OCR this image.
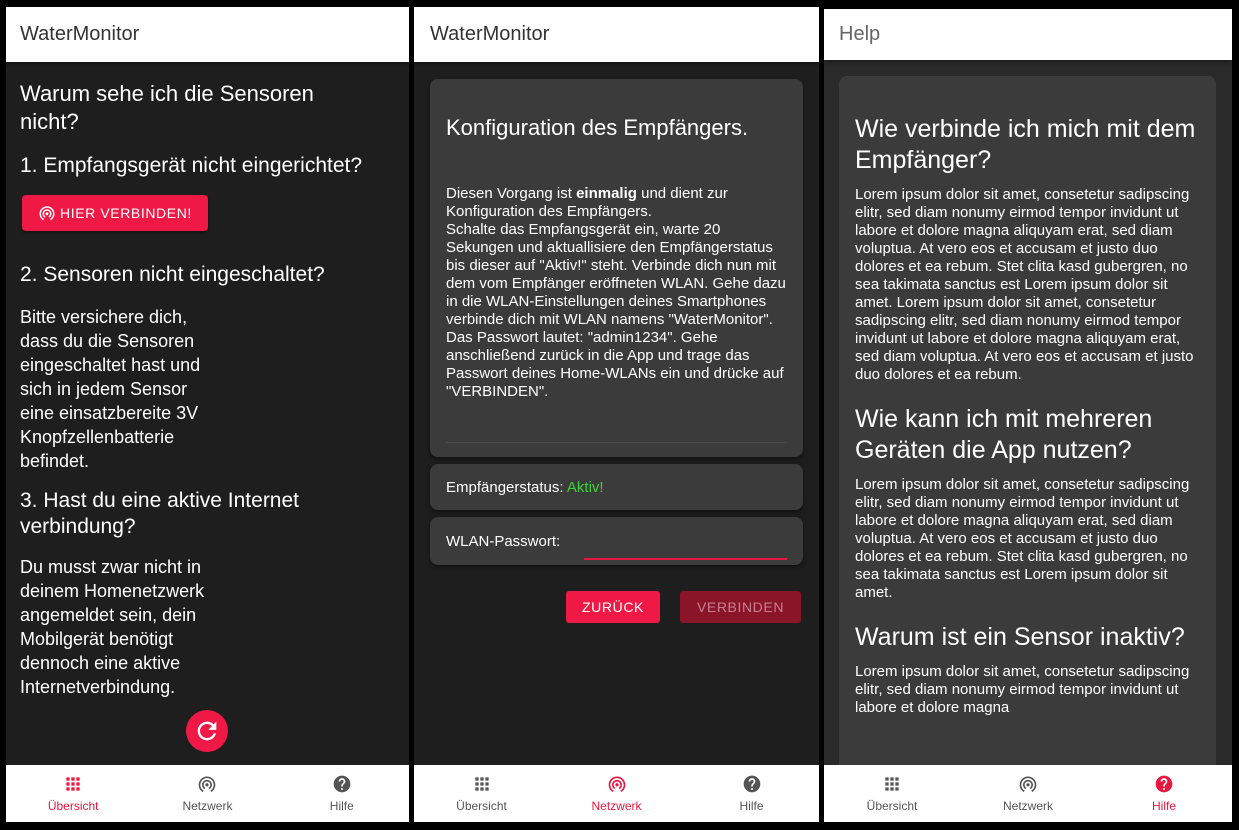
WaterMonitor
Warum sehe ich die Sensoren nicht?
1. Empfangsgerät nicht eingerichtet?
HIER VERBINDEN!
2. Sensoren nicht eingeschaltet?

Bitte versichere dich,

dass du die Sensoren

eingeschaltet hast und

sich in jedem Sensor

eine einsatzbereite 3V

Knopfzellenbatterie

befindet.

3. Hast du eine aktive Internet verbindung?

Du musst zwar nicht in

deinem Homenetzwerk

angemeldet sein, dein

Mobilgerät benötigt

dennoch eine aktive

Internetverbindung.

Übersicht	Netzwerk	Hilfe
WaterMonitor
Konfiguration des Empfängers.
Diesen Vorgang ist einmalig und dient zur Konfiguration des Empfängers.
Schalte das Empfangsgerät ein, warte 20 Sekungen und aktuallisiere den Empfängerstatus bis dieser auf "Aktiv!" steht. Verbinde dich nun mit dem vom Empfänger eröffneten WLAN. Gehe dazu in die WLAN-Einstellungen deines Smartphones verbinde dich mit WLAN namens "WaterMonitor". Das Passwort lautet: "admin1234". Gehe anschließend zurück in die App und trage das Passwort deines Home-WLANs ein und drücke auf "VERBINDEN".
Empfängerstatus: Aktiv!
WLAN-Passwort:
ZURÜCK	VERBINDEN
Übersicht	Netzwerk	Hilfe
Help
Wie verbinde ich mich mit dem Empfänger?

Lorem ipsum dolor sit amet, consetetur sadipscing elitr, sed diam nonumy eirmod tempor invidunt ut labore et dolore magna aliquyam erat, sed diam voluptua. At vero eos et accusam et justo duo dolores et ea rebum. Stet clita kasd gubergren, no sea takimata sanctus est Lorem ipsum dolor sit amet. Lorem ipsum dolor sit amet, consetetur sadipscing elitr, sed diam nonumy eirmod tempor invidunt ut labore et dolore magna aliquyam erat, sed diam voluptua. At vero eos et accusam et justo duo dolores et ea rebum.

Wie kann ich mit mehreren Geräten die App nutzen?

Lorem ipsum dolor sit amet, consetetur sadipscing elitr, sed diam nonumy eirmod tempor invidunt ut labore et dolore magna aliquyam erat, sed diam voluptua. At vero eos et accusam et justo duo dolores et ea rebum. Stet clita kasd gubergren, no sea takimata sanctus est Lorem ipsum dolor sit amet.

Warum ist ein Sensor inaktiv?

Lorem ipsum dolor sit amet, consetetur sadipscing elitr, sed diam nonumy eirmod tempor invidunt ut labore et dolore magna

Übersicht	Netzwerk	Hilfe
